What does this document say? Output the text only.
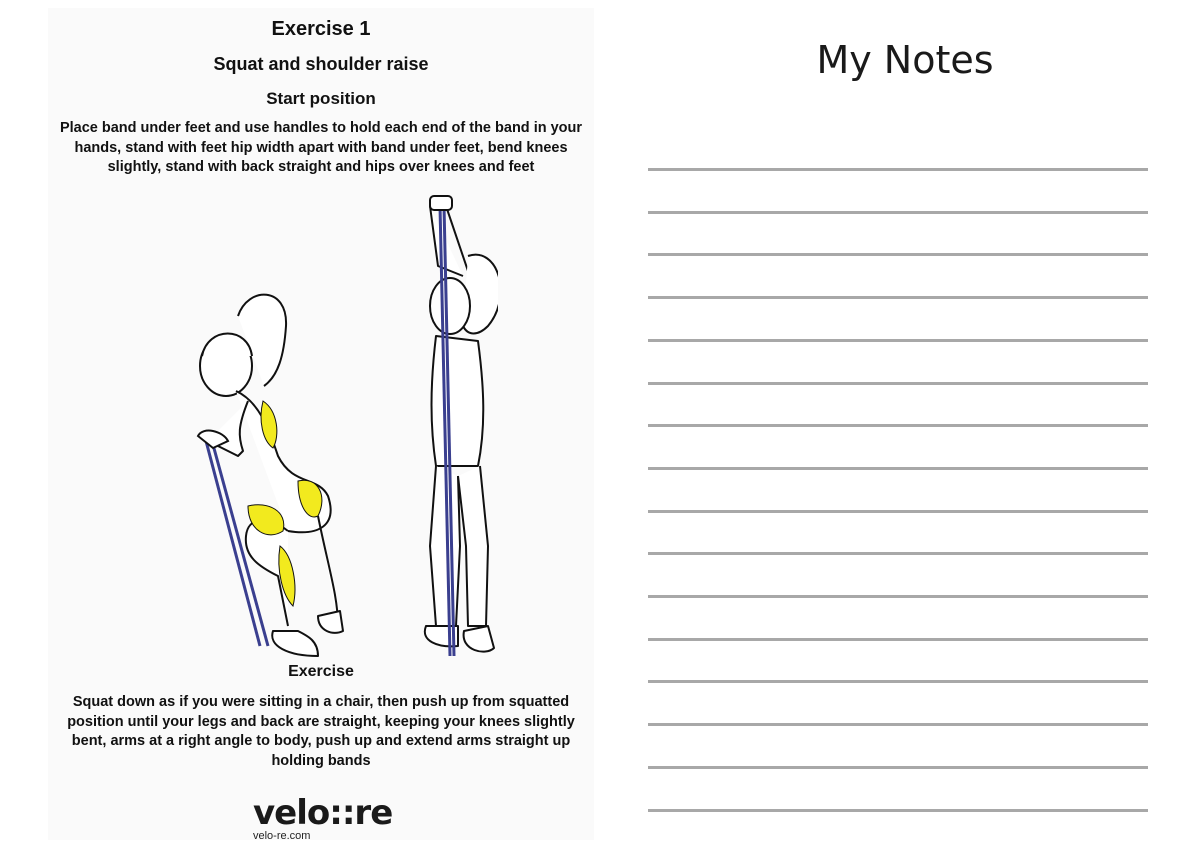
Exercise 1
Squat and shoulder raise
Start position
Place band under feet and use handles to hold each end of the band in your hands, stand with feet hip width apart with band under feet, bend knees slightly, stand with back straight and hips over knees and feet
Exercise
Squat down as if you were sitting in a chair, then push up from squatted position until your legs and back are straight, keeping your knees slightly bent, arms at a right angle to body, push up and extend arms straight up holding bands
velo::re
velo-re.com
My Notes
